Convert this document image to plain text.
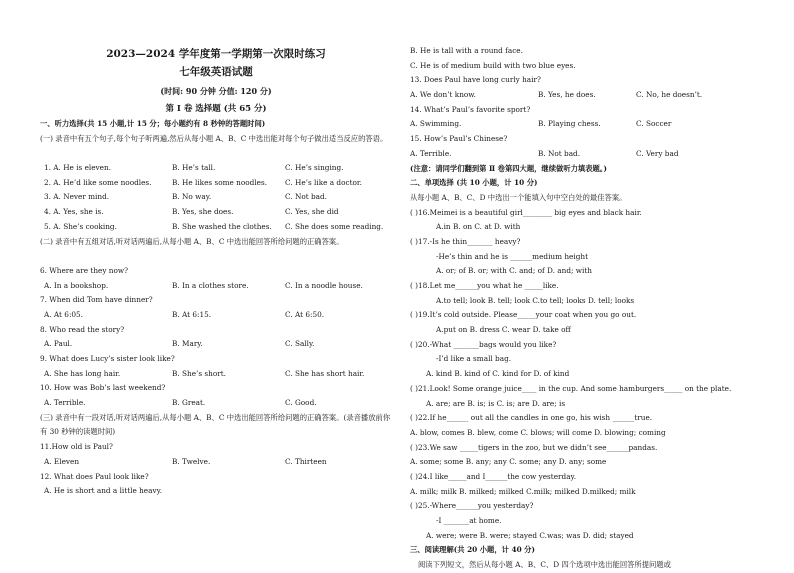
2023—2024 学年度第一学期第一次限时练习
七年级英语试题
(时间: 90 分钟 分值: 120 分)
第 Ⅰ 卷 选择题 (共 65 分)
一、听力选择(共 15 小题,计 15 分；每小题约有 8 秒钟的答题时间)
(一) 录音中有五个句子,每个句子听两遍,然后从每小题 A、B、C 中选出能对每个句子做出适当反应的答语。
1. A. He is eleven.	B. He’s tall.	C. He’s singing.
2. A. He’d like some noodles.	B. He likes some noodles. C. He’s like a doctor.
3. A. Never mind.	B. No way.	C. Not bad.
4. A. Yes, she is.	B. Yes, she does.	C. Yes, she did
5. A. She’s cooking.	B. She washed the clothes. C. She does some reading.
(二) 录音中有五组对话,听对话两遍后,从每小题 A、B、C 中选出能回答所给问题的正确答案。
6. Where are they now?
A. In a bookshop.	B. In a clothes store.	C. In a noodle house.
7. When did Tom have dinner?
A. At 6:05.	B. At 6:15.	C. At 6:50.
8. Who read the story?
A. Paul.	B. Mary.	C. Sally.
9. What does Lucy’s sister look like?
A. She has long hair.	B. She’s short.	C. She has short hair.
10. How was Bob’s last weekend?
A. Terrible.	B. Great.	C. Good.
(三) 录音中有一段对话,听对话两遍后,从每小题 A、B、C 中选出能回答所给问题的正确答案。(录音播放前你有 30 秒钟的读题时间)
11.How old is Paul?
A. Eleven	B. Twelve.	C. Thirteen
12. What does Paul look like?
A. He is short and a little heavy.
B. He is tall with a round face.
C. He is of medium build with two blue eyes.
13. Does Paul have long curly hair?
A. We don’t know.	B. Yes, he does.	C. No, he doesn’t.
14. What’s Paul’s favorite sport?
A. Swimming.	B. Playing chess.	C. Soccer
15. How’s Paul’s Chinese?
A. Terrible.	B. Not bad.	C. Very bad
(注意：请同学们翻到第 Ⅱ 卷第四大题，继续做听力填表题。)
二、单项选择 (共 10 小题，计 10 分)
从每小题 A、B、C、D 中选出一个能填入句中空白处的最佳答案。
( )16.Meimei is a beautiful girl________ big eyes and black hair.
A.in B. on C. at D. with
( )17.-Is he thin_______ heavy?
-He’s thin and he is ______medium height
A. or; of B. or; with C. and; of D. and; with
( )18.Let me______you what he _____like.
A.to tell; look B. tell; look C.to tell; looks D. tell; looks
( )19.It’s cold outside. Please_____your coat when you go out.
A.put on B. dress C. wear D. take off
( )20.-What _______bags would you like?
-I’d like a small bag.
A. kind B. kind of C. kind for D. of kind
( )21.Look! Some orange juice____ in the cup. And some hamburgers_____ on the plate.
A. are; are B. is; is C. is; are D. are; is
( )22.If he______ out all the candles in one go, his wish ______true.
A. blow, comes B. blew, come C. blows; will come D. blowing; coming
( )23.We saw _____tigers in the zoo, but we didn’t see______pandas.
A. some; some B. any; any C. some; any D. any; some
( )24.I like_____and I______the cow yesterday.
A. milk; milk B. milked; milked C.milk; milked D.milked; milk
( )25.-Where______you yesterday?
-I _______at home.
A. were; were B. were; stayed C.was; was D. did; stayed
三、阅读理解(共 20 小题，计 40 分)
阅读下列短文，然后从每小题 A、B、C、D 四个选项中选出能回答所提问题或
